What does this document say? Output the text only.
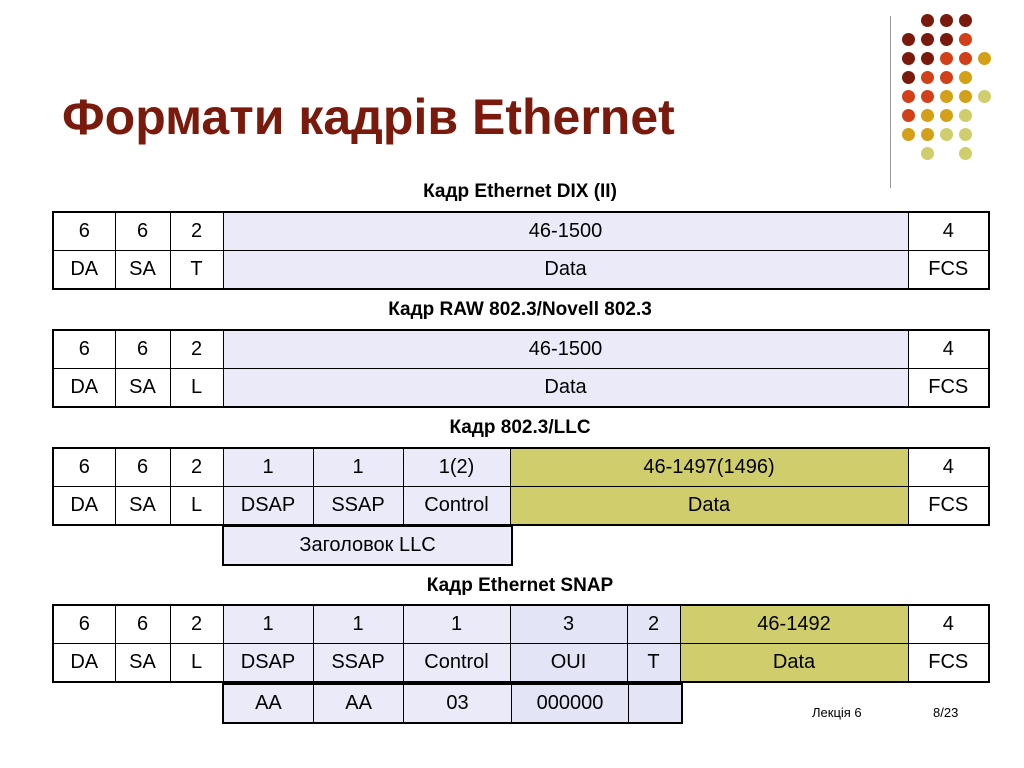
Формати кадрів Ethernet
Кадр Ethernet DIX (II)
6	6	2	46-1500	4
DA	SA	T	Data	FCS
Кадр RAW 802.3/Novell 802.3
6	6	2	46-1500	4
DA	SA	L	Data	FCS
Кадр 802.3/LLC
6	6	2	1	1	1(2)	46-1497(1496)	4
DA	SA	L	DSAP	SSAP	Control	Data	FCS
Заголовок LLC
Кадр Ethernet SNAP
6	6	2	1	1	1	3	2	46-1492	4
DA	SA	L	DSAP	SSAP	Control	OUI	T	Data	FCS
AA	AA	03	000000		Лекція 6	8/23
